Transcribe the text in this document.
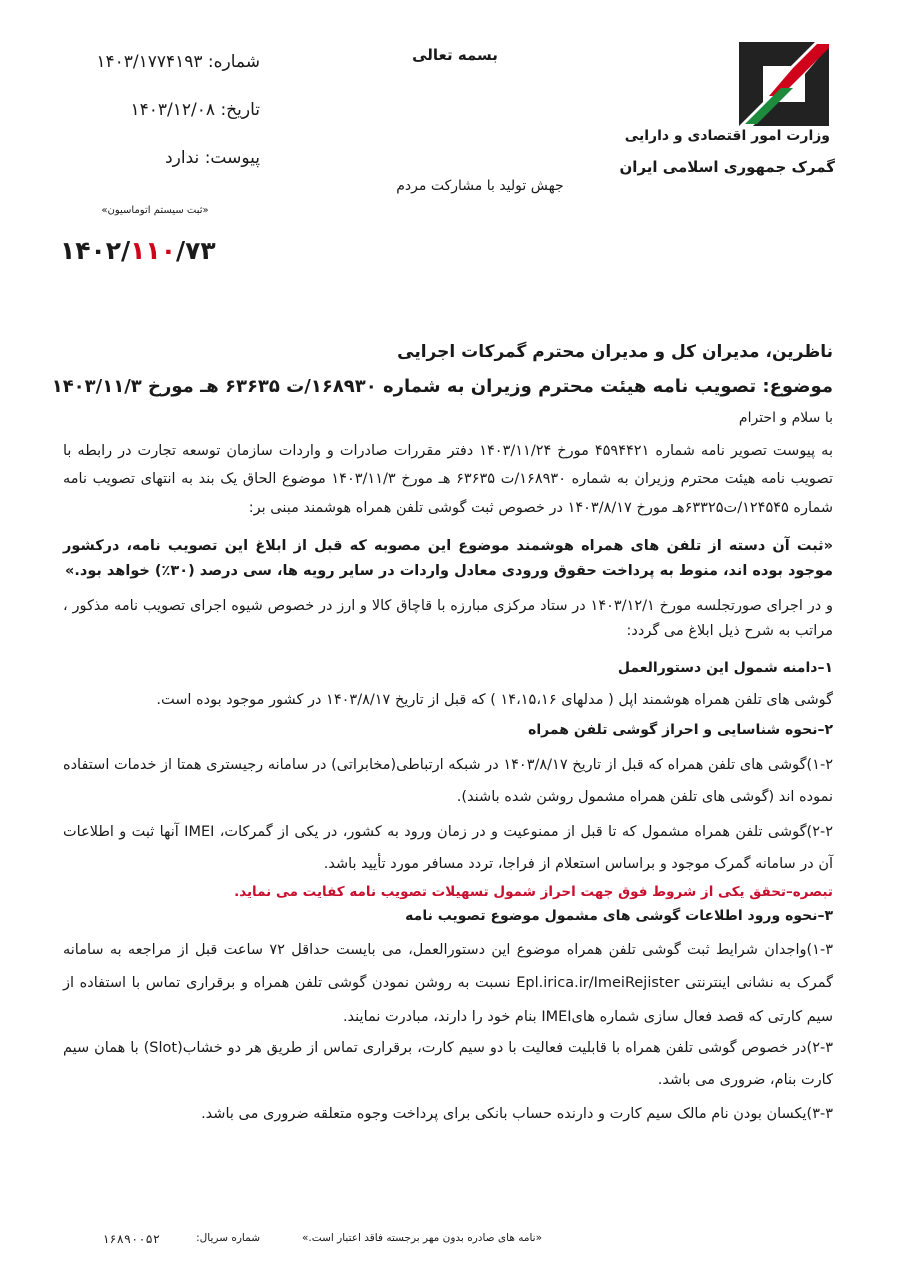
بسمه تعالی
وزارت امور اقتصادی و دارایی
گمرک جمهوری اسلامی ایران
جهش تولید با مشارکت مردم
شماره: ۱۴۰۳/۱۷۷۴۱۹۳
تاریخ: ۱۴۰۳/۱۲/۰۸
پیوست: ندارد
«ثبت سیستم اتوماسیون»
۱۴۰۲/۱۱۰/۷۳
ناظرین، مدیران کل و مدیران محترم گمرکات اجرایی
موضوع: تصویب نامه هیئت محترم وزیران به شماره ۱۶۸۹۳۰/ت ۶۳۶۳۵ هـ مورخ ۱۴۰۳/۱۱/۳
با سلام و احترام
به پیوست تصویر نامه شماره ۴۵۹۴۴۲۱ مورخ ۱۴۰۳/۱۱/۲۴ دفتر مقررات صادرات و واردات سازمان توسعه تجارت در رابطه با تصویب نامه هیئت محترم وزیران به شماره ۱۶۸۹۳۰/ت ۶۳۶۳۵ هـ مورخ ۱۴۰۳/۱۱/۳ موضوع الحاق یک بند به انتهای تصویب نامه شماره ۱۲۴۵۴۵/ت۶۳۳۲۵هـ مورخ ۱۴۰۳/۸/۱۷ در خصوص ثبت گوشی تلفن همراه هوشمند مبنی بر:
«ثبت آن دسته از تلفن های همراه هوشمند موضوع این مصوبه که قبل از ابلاغ این تصویب نامه، درکشور موجود بوده اند، منوط به پرداخت حقوق ورودی معادل واردات در سایر رویه ها، سی درصد (۳۰٪) خواهد بود.»
و در اجرای صورتجلسه مورخ ۱۴۰۳/۱۲/۱ در ستاد مرکزی مبارزه با قاچاق کالا و ارز در خصوص شیوه اجرای تصویب نامه مذکور ، مراتب به شرح ذیل ابلاغ می گردد:
۱–دامنه شمول این دستورالعمل
گوشی های تلفن همراه هوشمند اپل ( مدلهای ۱۴،۱۵،۱۶ ) که قبل از تاریخ ۱۴۰۳/۸/۱۷ در کشور موجود بوده است.
۲–نحوه شناسایی و احراز گوشی تلفن همراه
۱-۲)گوشی های تلفن همراه که قبل از تاریخ ۱۴۰۳/۸/۱۷ در شبکه ارتباطی(مخابراتی) در سامانه رجیستری همتا از خدمات استفاده نموده اند (گوشی های تلفن همراه مشمول روشن شده باشند).
۲-۲)گوشی تلفن همراه مشمول که تا قبل از ممنوعیت و در زمان ورود به کشور، در یکی از گمرکات، IMEI آنها ثبت و اطلاعات آن در سامانه گمرک موجود و براساس استعلام از فراجا، تردد مسافر مورد تأیید باشد.
تبصره–تحقق یکی از شروط فوق جهت احراز شمول تسهیلات تصویب نامه کفایت می نماید.
۳–نحوه ورود اطلاعات گوشی های مشمول موضوع تصویب نامه
۱-۳)واجدان شرایط ثبت گوشی تلفن همراه موضوع این دستورالعمل، می بایست حداقل ۷۲ ساعت قبل از مراجعه به سامانه گمرک به نشانی اینترنتی Epl.irica.ir/ImeiRejister نسبت به روشن نمودن گوشی تلفن همراه و برقراری تماس با استفاده از سیم کارتی که قصد فعال سازی شماره هایIMEI بنام خود را دارند، مبادرت نمایند.
۲-۳)در خصوص گوشی تلفن همراه با قابلیت فعالیت با دو سیم کارت، برقراری تماس از طریق هر دو خشاب(Slot) با همان سیم کارت بنام، ضروری می باشد.
۳-۳)یکسان بودن نام مالک سیم کارت و دارنده حساب بانکی برای پرداخت وجوه متعلقه ضروری می باشد.
«نامه های صادره بدون مهر برجسته فاقد اعتبار است.»
شماره سریال:
۱۶۸۹۰۰۵۲
